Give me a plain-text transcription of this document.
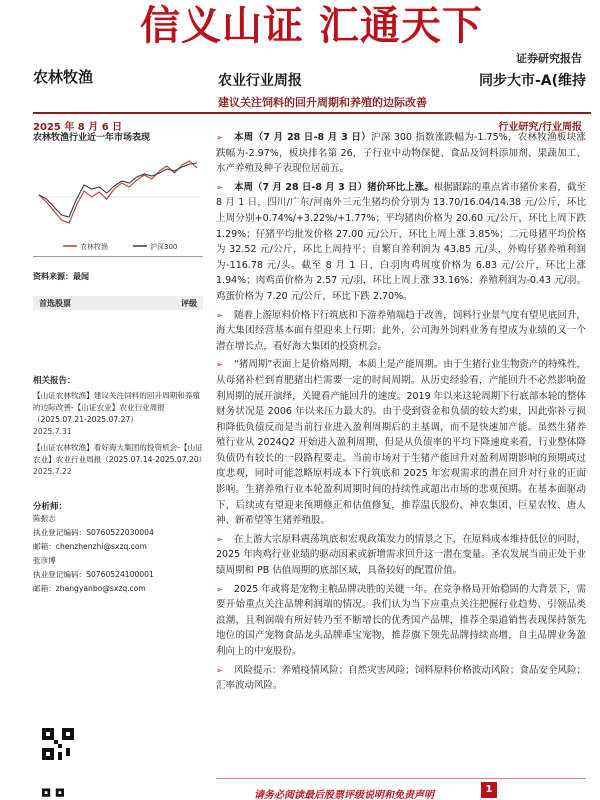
信义山证 汇通天下
证券研究报告
农林牧渔	农业行业周报	同步大市-A(维持
建议关注饲料的回升周期和养殖的边际改善
2025 年 8 月 6 日	行业研究/行业周报
农林牧渔行业近一年市场表现
农林牧渔	沪深300
资料来源：最闻
首选股票	评级
相关报告：
【山证农林牧渔】建议关注饲料的回升周期和养殖的边际改善-【山证农业】农业行业周报（2025.07.21-2025.07.27）
2025.7.31
【山证农林牧渔】看好海大集团的投资机会-【山证农业】农业行业周报（2025.07.14-2025.07.20）
2025.7.22
分析师：
陈振志
执业登记编码：S0760522030004
邮箱：chenzhenzhi@sxzq.com
张彦博
执业登记编码：S0760524100001
邮箱：zhangyanbo@sxzq.com
➢ 本周（7 月 28 日-8 月 3 日）沪深 300 指数涨跌幅为-1.75%，农林牧渔板块涨跌幅为-2.97%，板块排名第 26，子行业中动物保健、食品及饲料添加剂、果蔬加工、水产养殖及种子表现位居前五。
➢ 本周（7 月 28 日-8 月 3 日）猪价环比上涨。根据跟踪的重点省市猪价来看，截至 8 月 1 日，四川/广东/河南外三元生猪均价分别为 13.70/16.04/14.38 元/公斤，环比上周分别+0.74%/+3.22%/+1.77%；平均猪肉价格为 20.60 元/公斤，环比上周下跌 1.29%；仔猪平均批发价格 27.00 元/公斤，环比上周上涨 3.85%；二元母猪平均价格为 32.52 元/公斤，环比上周持平；自繁自养利润为 43.85 元/头，外购仔猪养殖利润为-116.78 元/头。截至 8 月 1 日，白羽肉鸡周度价格为 6.83 元/公斤，环比上涨 1.94%；肉鸡苗价格为 2.57 元/羽，环比上周上涨 33.16%；养殖利润为-0.43 元/羽。鸡蛋价格为 7.20 元/公斤，环比下跌 2.70%。
➢ 随着上游原料价格下行筑底和下游养殖端趋于改善，饲料行业景气度有望见底回升，海大集团经营基本面有望迎来上行期；此外，公司海外饲料业务有望成为业绩的又一个潜在增长点，看好海大集团的投资机会。
➢ “猪周期”表面上是价格周期，本质上是产能周期。由于生猪行业生物资产的特殊性，从母猪补栏到育肥猪出栏需要一定的时间周期。从历史经验看，产能回升不必然影响盈利周期的展开演绎，关键看产能回升的速度。2019 年以来这轮周期下行底部本轮的整体财务状况是 2006 年以来压力最大的。由于受到资金和负债的较大约束，因此弥补亏损和降低负债反而是当前行业进入盈利周期后的主基调，而不是快速加产能。虽然生猪养殖行业从 2024Q2 开始进入盈利周期，但是从负债率的平均下降速度来看，行业整体降负债仍有较长的一段路程要走。当前市场对于生猪产能回升对盈利周期影响的预期或过度悲观，同时可能忽略原料成本下行筑底和 2025 年宏观需求的潜在回升对行业的正面影响。生猪养殖行业本轮盈利周期时间的持续性或超出市场的悲观预期。在基本面驱动下，后续或有望迎来预期修正和估值修复，推荐温氏股份、神农集团、巨星农牧、唐人神、新希望等生猪养殖股。
➢ 在上游大宗原料震荡筑底和宏观政策发力的情景之下，在原料成本维持低位的同时，2025 年肉鸡行业业绩的驱动因素或新增需求回升这一潜在变量。圣农发展当前正处于业绩周期和 PB 估值周期的底部区域，具备较好的配置价值。
➢ 2025 年或将是宠物主粮品牌决胜的关键一年。在竞争格局开始稳固的大背景下，需要开始重点关注品牌利润端的情况。我们认为当下应重点关注把握行业趋势、引领品类浪潮，且利润端有所好转乃至不断增长的优秀国产品牌，推荐全渠道销售表现保持领先地位的国产宠物食品龙头品牌乖宝宠物，推荐旗下领先品牌持续高增，自主品牌业务盈利向上的中宠股份。
➢ 风险提示：养殖疫情风险；自然灾害风险；饲料原料价格波动风险；食品安全风险；汇率波动风险。
请务必阅读最后股票评级说明和免责声明
1
